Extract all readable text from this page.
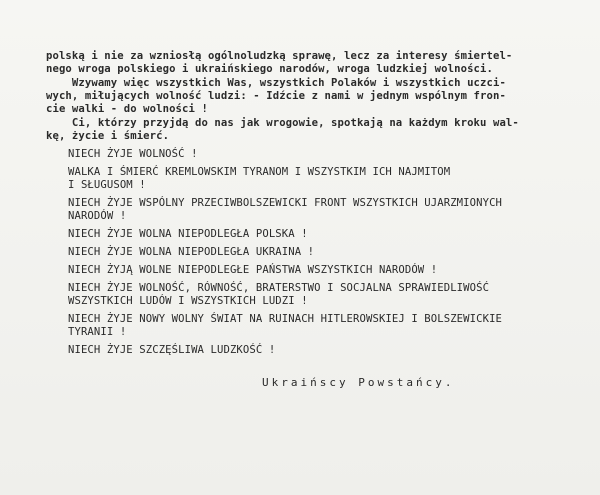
polską i nie za wzniosłą ogólnoludzką sprawę, lecz za interesy śmiertel-
nego wroga polskiego i ukraińskiego narodów, wroga ludzkiej wolności.
Wzywamy więc wszystkich Was, wszystkich Polaków i wszystkich uczci-
wych, miłujących wolność ludzi: - Idźcie z nami w jednym wspólnym fron-
cie walki - do wolności !
Ci, którzy przyjdą do nas jak wrogowie, spotkają na każdym kroku wal-
kę, życie i śmierć.
NIECH ŻYJE WOLNOŚĆ !
WALKA I ŚMIERĆ KREMLOWSKIM TYRANOM I WSZYSTKIM ICH NAJMITOM
I SŁUGUSOM !
NIECH ŻYJE WSPÓLNY PRZECIWBOLSZEWICKI FRONT WSZYSTKICH UJARZMIONYCH
NARODÓW !
NIECH ŻYJE WOLNA NIEPODLEGŁA POLSKA !
NIECH ŻYJE WOLNA NIEPODLEGŁA UKRAINA !
NIECH ŻYJĄ WOLNE NIEPODLEGŁE PAŃSTWA WSZYSTKICH NARODÓW !
NIECH ŻYJE WOLNOŚĆ, RÓWNOŚĆ, BRATERSTWO I SOCJALNA SPRAWIEDLIWOŚĆ
WSZYSTKICH LUDÓW I WSZYSTKICH LUDZI !
NIECH ŻYJE NOWY WOLNY ŚWIAT NA RUINACH HITLEROWSKIEJ I BOLSZEWICKIE
TYRANII !
NIECH ŻYJE SZCZĘŚLIWA LUDZKOŚĆ !
Ukraińscy Powstańcy.
